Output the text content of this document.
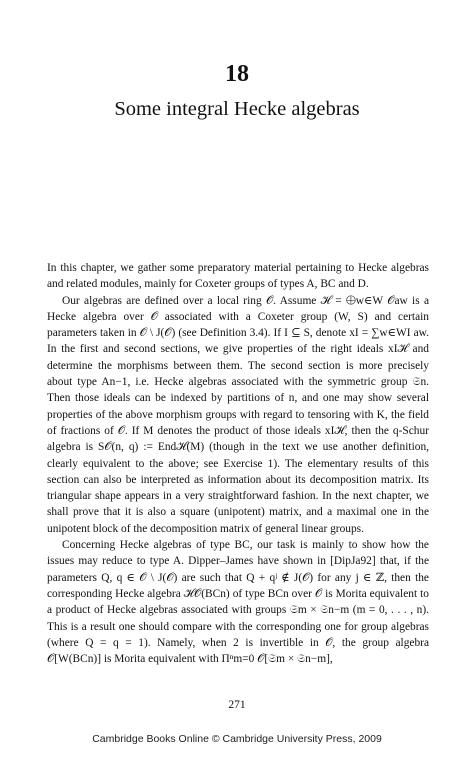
18
Some integral Hecke algebras

In this chapter, we gather some preparatory material pertaining to Hecke algebras and related modules, mainly for Coxeter groups of types A, BC and D.

Our algebras are defined over a local ring 𝒪. Assume ℋ = ⨁w∈W 𝒪aw is a Hecke algebra over 𝒪 associated with a Coxeter group (W, S) and certain parameters taken in 𝒪 \ J(𝒪) (see Definition 3.4). If I ⊆ S, denote xI = ∑w∈WI aw. In the first and second sections, we give properties of the right ideals xIℋ and determine the morphisms between them. The second section is more precisely about type An−1, i.e. Hecke algebras associated with the symmetric group 𝔖n. Then those ideals can be indexed by partitions of n, and one may show several properties of the above morphism groups with regard to tensoring with K, the field of fractions of 𝒪. If M denotes the product of those ideals xIℋ, then the q-Schur algebra is S𝒪(n, q) := Endℋ(M) (though in the text we use another definition, clearly equivalent to the above; see Exercise 1). The elementary results of this section can also be interpreted as information about its decomposition matrix. Its triangular shape appears in a very straightforward fashion. In the next chapter, we shall prove that it is also a square (unipotent) matrix, and a maximal one in the unipotent block of the decomposition matrix of general linear groups.

Concerning Hecke algebras of type BC, our task is mainly to show how the issues may reduce to type A. Dipper–James have shown in [DipJa92] that, if the parameters Q, q ∈ 𝒪 \ J(𝒪) are such that Q + qʲ ∉ J(𝒪) for any j ∈ ℤ, then the corresponding Hecke algebra ℋ𝒪(BCn) of type BCn over 𝒪 is Morita equivalent to a product of Hecke algebras associated with groups 𝔖m × 𝔖n−m (m = 0, . . . , n). This is a result one should compare with the corresponding one for group algebras (where Q = q = 1). Namely, when 2 is invertible in 𝒪, the group algebra 𝒪[W(BCn)] is Morita equivalent with Πⁿm=0 𝒪[𝔖m × 𝔖n−m],

271
Cambridge Books Online © Cambridge University Press, 2009
